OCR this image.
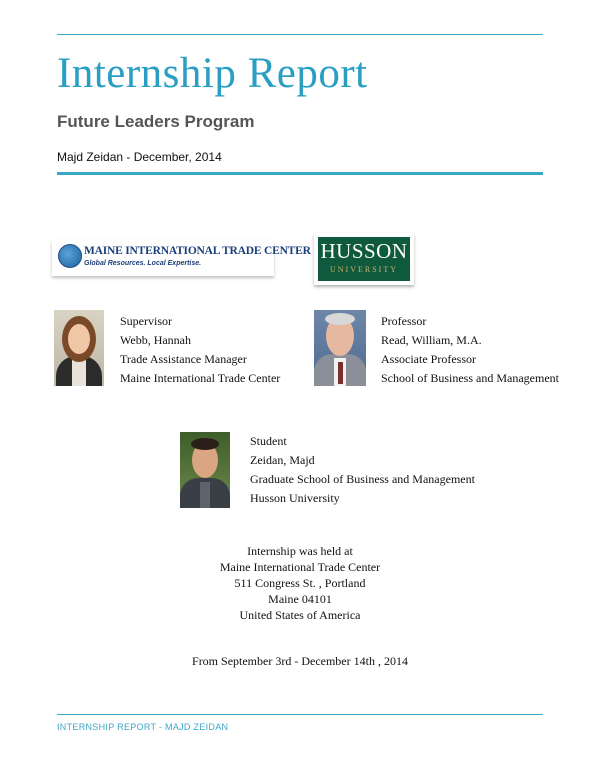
Internship Report
Future Leaders Program
Majd Zeidan - December, 2014
MAINE INTERNATIONAL TRADE CENTER
Global Resources. Local Expertise.
HUSSON
UNIVERSITY
Supervisor
Webb, Hannah
Trade Assistance Manager
Maine International Trade Center
Professor
Read, William, M.A.
Associate Professor
School of Business and Management
Student
Zeidan, Majd
Graduate School of Business and Management
Husson University
Internship was held at
Maine International Trade Center
511 Congress St. , Portland
Maine 04101
United States of America
From September 3rd - December 14th , 2014
INTERNSHIP REPORT - MAJD ZEIDAN
